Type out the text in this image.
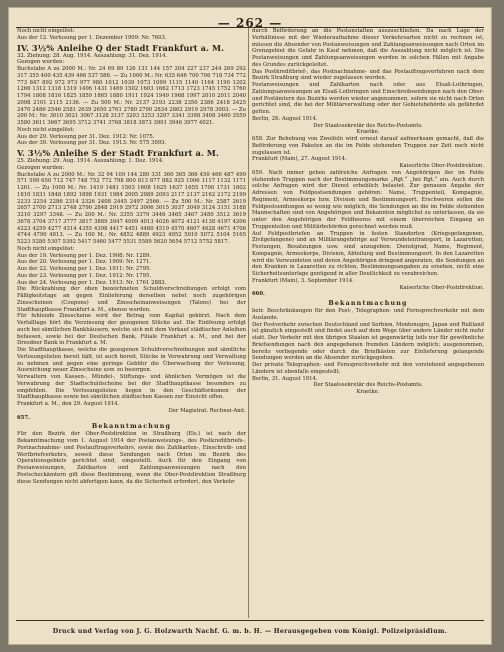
— 262 —

Noch nicht eingelöst:

Aus der 12. Verlosung per 1. Dezember 1909: Nr. 7603.

IV. 3½% Anleihe Q der Stadt Frankfurt a. M.

32. Ziehung: 28. Aug. 1914. Auszahlung: 31. Dez. 1914.

Gezogen wurden:

Buchstabe A zu 2000 M.: Nr. 24 69 89 126 131 144 157 204 227 237 244 269 292 317 355 400 435 439 466 537 586. — Zu 1000 M.: Nr. 635 646 700 706 718 734 772 773 847 892 972 973 977 980 1012 1039 1073 1099 1115 1140 1164 1190 1202 1266 1312 1318 1319 1406 1431 1469 1502 1603 1662 1713 1723 1745 1752 1760 1794 1808 1816 1825 1859 1865 1880 1911 1924 1949 1968 1997 2010 2011 2040 2098 2101 2115 2136. — Zu 500 M.: Nr. 2137 2193 2238 2350 2386 2418 2425 2470 2486 2546 2581 2639 2650 2761 2780 2790 2834 2862 2919 2978 3003. — Zu 200 M.: Nr. 3010 3021 3067 3128 3137 3203 3253 3297 3341 3398 3408 3460 3559 3580 3611 3667 3695 3712 3741 3768 3818 3873 3901 3946 3977 4021.

Noch nicht eingelöst:

Aus der 29. Verlosung per 31. Dez. 1912: Nr. 1075.

Aus der 30. Verlosung per 31. Dez. 1913: Nr. 575 3093.

V. 3½% Anleihe S der Stadt Frankfurt a. M.

25. Ziehung: 29. Aug. 1914. Auszahlung: 1. Dez. 1914.

Gezogen wurden:

Buchstabe A zu 2000 M.: Nr. 32 94 109 144 280 331 360 365 366 450 466 487 499 571 599 650 712 747 748 752 772 798 800 813 877 882 925 1006 1117 1132 1171 1261. — Zu 1000 M.: Nr. 1419 1481 1503 1608 1625 1637 1655 1700 1731 1802 1810 1831 1848 1892 1898 1931 1984 2005 2089 2093 2117 2137 2162 2172 2199 2233 2254 2286 2314 2326 2408 2445 2497 2566. — Zu 500 M.: Nr. 2587 2619 2657 2700 2713 2748 2790 2848 2919 2972 3006 3015 3037 3049 3124 3151 3188 3210 3297 3348. — Zu 200 M.: Nr. 3355 3379 3446 3465 3467 3480 3512 3619 3678 3704 3717 3777 3817 3889 3947 4009 4013 4026 4072 4121 4138 4197 4206 4223 4259 4277 4314 4355 4398 4417 4451 4480 4519 4570 4607 4628 4671 4706 4744 4790 4813. — Zu 100 M.: Nr. 4852 4889 4923 4952 5010 5072 5104 5165 5223 5280 5307 5392 5417 5460 5477 5531 5589 5620 5654 5712 5752 5817.

Noch nicht eingelöst:

Aus der 19. Verlosung per 1. Dez. 1908: Nr. 1289.

Aus der 20. Verlosung per 1. Dez. 1909: Nr. 1271.

Aus der 22. Verlosung per 1. Dez. 1911: Nr. 2795.

Aus der 23. Verlosung per 1. Dez. 1912: Nr. 1795.

Aus der 24. Verlosung per 1. Dez. 1913: Nr. 1761 2883.

Die Rückzahlung der oben bezeichneten Schuldverschreibungen erfolgt vom Fälligkeitstage an gegen Einlieferung derselben nebst noch zugehörigen Zinsscheinen (Coupons) und Zinsscheinanweisungen (Talons) bei der Stadthauptkasse Frankfurt a. M., ebenso werden.

Für fehlende Zinsscheine wird der Betrag vom Kapital gekürzt. Nach dem Verfalltage hört die Verzinsung der gezogenen Stücke auf. Die Einlösung erfolgt auch bei sämtlichen Bankhäusern, welche sich mit dem Verkauf städtischer Anleihen befassen, sowie bei der Deutschen Bank, Filiale Frankfurt a. M., und bei der Dresdner Bank in Frankfurt a. M.

Die Stadthauptkasse, welche die gezogenen Schuldverschreibungen und sämtliche Verlosungslisten bereit hält, ist auch bereit, Stücke in Verwahrung und Verwaltung zu nehmen und gegen eine geringe Gebühr die Überwachung der Verlosung, Ausreichung neuer Zinsscheine usw. zu besorgen.

Verwaltern von Kassen-, Mündel-, Stiftungs- und ähnlichen Vermögen ist die Verwahrung der Stadtschuldscheine bei der Stadthauptkasse besonders zu empfehlen. Die Verlosungslisten liegen in den Geschäftsräumen der Stadthauptkasse sowie bei sämtlichen städtischen Kassen zur Einsicht offen.

Frankfurt a. M., den 29. August 1914.

Der Magistrat. Rechnei-Amt.

657.

Bekanntmachung

Für den Bezirk der Ober-Postdirektion in Straßburg (Els.) ist nach der Bekanntmachung vom 1. August 1914 der Postanweisungs-, des Postkreditbriefs-, Postnachnahme- und Postauftragsverkehrs, sowie des Zahlkarten-, Einschreib- und Wertbriefverkehrs, soweit diese Sendungen nach Orten im Bezirk des Operationsgebiets gerichtet sind, eingestellt. Auch für den Eingang von Postanweisungen, Zahlkarten und Zahlungsanweisungen nach den Postscheckämtern gilt diese Bestimmung, wenn die Ober-Postdirektion Straßburg diese Sendungen nicht abfertigen kann, da die Sicherheit erfordert, den Verkehr

durch Beförderung an die Postanstalten auszuschließen. Da nach Lage der Verhältnisse mit der Wiederaufnahme dieser Verkehrsarten nicht zu rechnen ist, müssen die Absender von Postanweisungen und Zahlungsanweisungen nach Orten im Grenzgebiet die Gefahr in Kauf nehmen, daß die Auszahlung nicht möglich ist. Die Postanweisungen und Zahlungsanweisungen werden in solchen Fällen mit Angabe des Grundes zurückgeleitet.

Das Postkreditbrief-, das Postnachnahme- und das Postauftragsverfahren nach dem Bezirk Straßburg sind wieder zugelassen worden.

Postanweisungen und Zahlkarten nach oder aus Elsaß-Lothringen, Zahlungsanweisungen an Elsaß-Lothringen und Einschreibsendungen nach den Ober- und Postämtern des Bezirks werden wieder angenommen, sofern sie nicht nach Orten gerichtet sind, die bei der Militärverwaltung oder der Gebietsbehörde als gefährdet gelten.

Berlin, 26. August 1914.

Der Staatssekretär des Reichs-Postamts.

Kraetke.

658. Zur Behebung von Zweifeln wird erneut darauf aufmerksam gemacht, daß die Beförderung von Paketen an die im Felde stehenden Truppen zur Zeit noch nicht zugelassen ist.

Frankfurt (Main), 27. August 1914.

Kaiserliche Ober-Postdirektion.

659. Nach immer gehen zahlreiche Anfragen von Angehörigen der im Felde stehenden Truppen nach der Bestimmungsmarke „Rgt.“ „bei Rgt.“ ein. Auch durch solche Anfragen wird der Dienst erheblich belastet. Zur genauen Angabe der Adressen von Feldpostsendungen gehören: Name, Truppenteil, Kompagnie, Regiment, Armeekorps bzw. Division und Bestimmungsort. Erschweren sollen die Feldpostsendungen so wenig wie möglich, die Sendungen an die im Felde stehenden Mannschaften sind von Angehörigen und Bekannten möglichst zu unterlassen, da sie unter den Angehörigen der Feldheeres mit einem überreichen Eingang an Truppenteilen und Militärbehörden gerechnet werden muß.

Auf Feldpostbriefen an Truppen in festen Standorten (Kriegsgefangenen, Zivilgefangene) und an Militärangehörige auf Verwundetentransport, in Lazaretten, Festungen, Besatzungen usw. sind anzugeben: Dienstgrad, Name, Regiment, Kompagnie, Armeekorps, Division, Abteilung und Bestimmungsort. In den Lazaretten wird die Verwundeten und deren Angehörigen dringend angeraten, die Sendungen an den Kranken in Lazaretten zu richten, Bestimmungsangaben zu ersehen, nicht eine Sicherheitsunterlage genügend in aller Deutlichkeit zu verabreichen.

Frankfurt (Main), 3. September 1914.

Kaiserliche Ober-Postdirektion.

660.

Bekanntmachung

betr. Beschränkungen für den Post-, Telegraphen- und Fernsprechverkehr mit dem Auslande.

Der Postverkehr zwischen Deutschland und Serbien, Montenegro, Japan und Rußland ist gänzlich eingestellt und findet auch auf dem Wege über andere Länder nicht mehr statt. Der Verkehr mit den übrigen Staaten ist gegenwärtig teils nur für gewöhnliche Briefsendungen nach den angegebenen fremden Ländern möglich; ausgenommen, bereits vorliegende oder durch die Briefkästen zur Einlieferung gelangende Sendungen werden an die Absender zurückgegeben.

Der private Telegraphen- und Fernsprechverkehr mit den vorstehend angegebenen Ländern ist ebenfalls eingestellt.

Berlin, 31. August 1914.

Der Staatssekretär des Reichs-Postamts.

Kraetke.

Druck und Verlag von J. G. Holzwarth Nachf. G. m. b. H. — Herausgegeben vom Königl. Polizeipräsidium.
